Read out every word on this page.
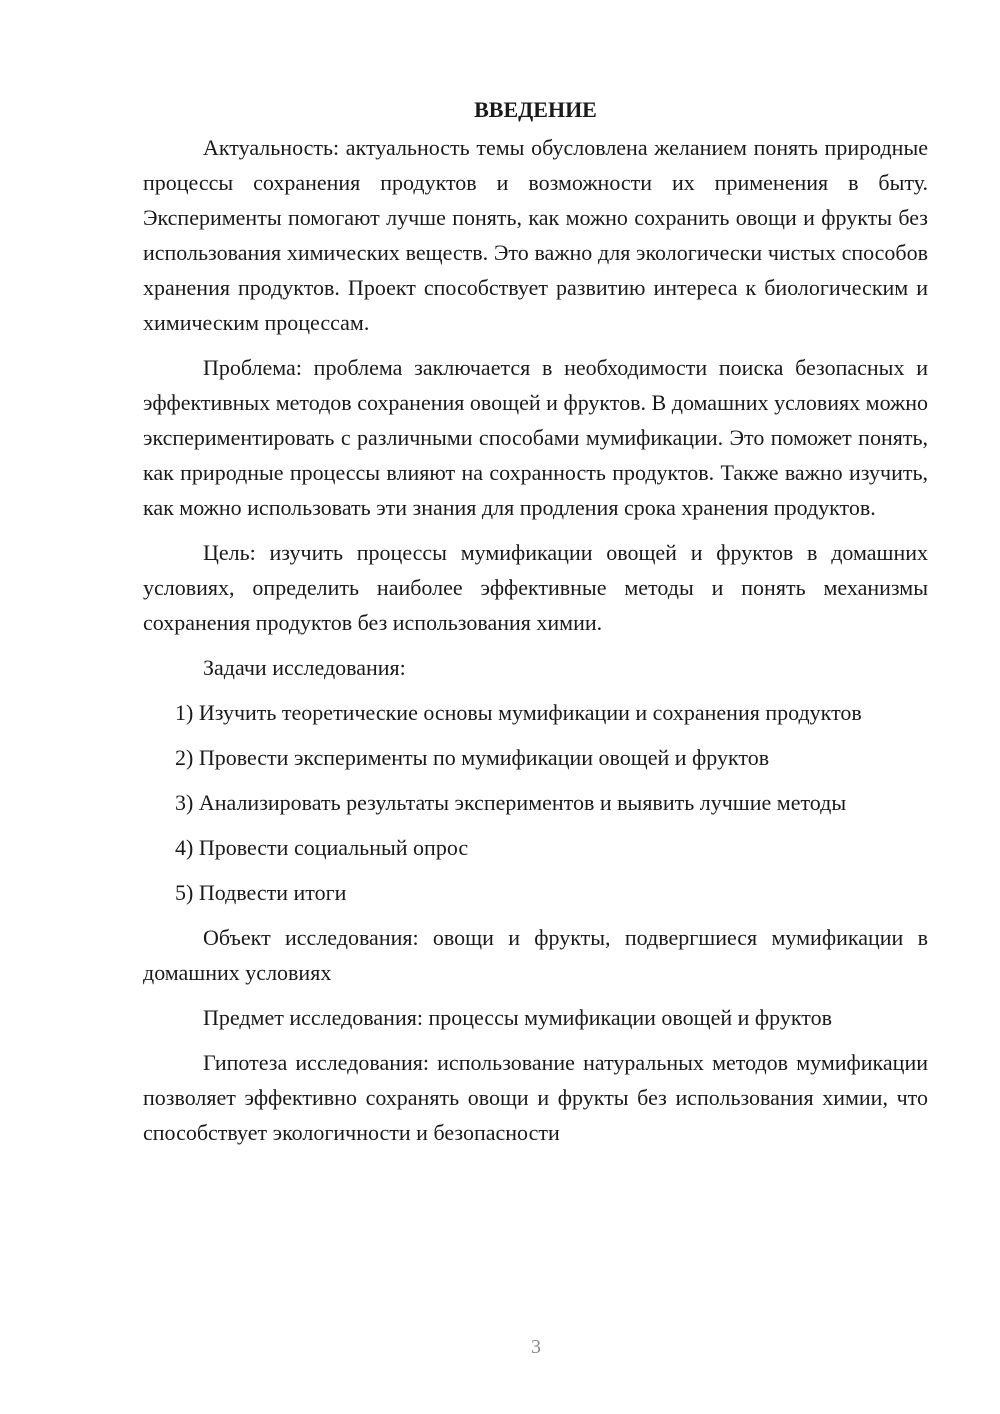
ВВЕДЕНИЕ

Актуальность: актуальность темы обусловлена желанием понять природные процессы сохранения продуктов и возможности их применения в быту. Эксперименты помогают лучше понять, как можно сохранить овощи и фрукты без использования химических веществ. Это важно для экологически чистых способов хранения продуктов. Проект способствует развитию интереса к биологическим и химическим процессам.

Проблема: проблема заключается в необходимости поиска безопасных и эффективных методов сохранения овощей и фруктов. В домашних условиях можно экспериментировать с различными способами мумификации. Это поможет понять, как природные процессы влияют на сохранность продуктов. Также важно изучить, как можно использовать эти знания для продления срока хранения продуктов.

Цель: изучить процессы мумификации овощей и фруктов в домашних условиях, определить наиболее эффективные методы и понять механизмы сохранения продуктов без использования химии.

Задачи исследования:

1) Изучить теоретические основы мумификации и сохранения продуктов

2) Провести эксперименты по мумификации овощей и фруктов

3) Анализировать результаты экспериментов и выявить лучшие методы

4) Провести социальный опрос

5) Подвести итоги

Объект исследования: овощи и фрукты, подвергшиеся мумификации в домашних условиях

Предмет исследования: процессы мумификации овощей и фруктов

Гипотеза исследования: использование натуральных методов мумификации позволяет эффективно сохранять овощи и фрукты без использования химии, что способствует экологичности и безопасности

3
